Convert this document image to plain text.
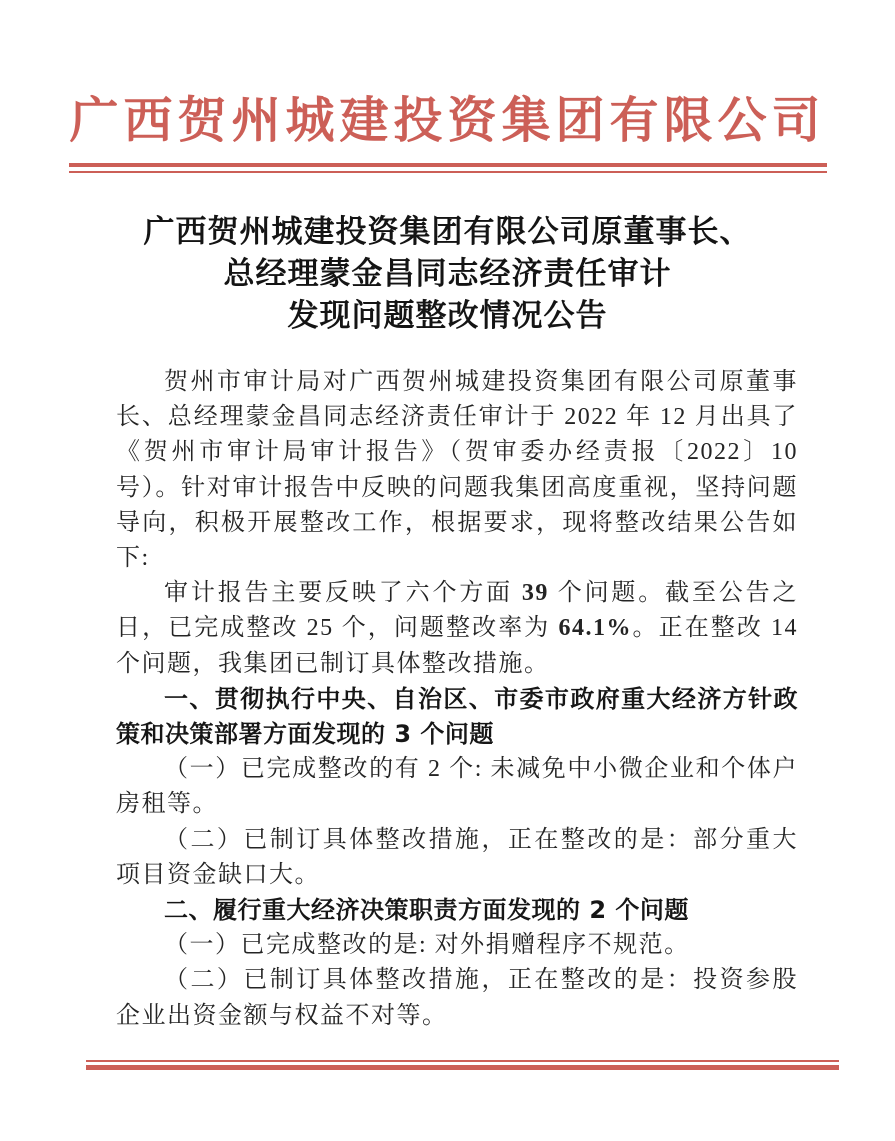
广西贺州城建投资集团有限公司
广西贺州城建投资集团有限公司原董事长、
总经理蒙金昌同志经济责任审计
发现问题整改情况公告

贺州市审计局对广西贺州城建投资集团有限公司原董事长、总经理蒙金昌同志经济责任审计于 2022 年 12 月出具了《贺州市审计局审计报告》（贺审委办经责报〔2022〕10 号）。针对审计报告中反映的问题我集团高度重视，坚持问题导向，积极开展整改工作，根据要求，现将整改结果公告如下:

审计报告主要反映了六个方面 39 个问题。截至公告之日，已完成整改 25 个，问题整改率为 64.1%。正在整改 14 个问题，我集团已制订具体整改措施。

一、贯彻执行中央、自治区、市委市政府重大经济方针政策和决策部署方面发现的 3 个问题

（一）已完成整改的有 2 个: 未减免中小微企业和个体户房租等。

（二）已制订具体整改措施，正在整改的是：部分重大项目资金缺口大。

二、履行重大经济决策职责方面发现的 2 个问题

（一）已完成整改的是: 对外捐赠程序不规范。

（二）已制订具体整改措施，正在整改的是：投资参股企业出资金额与权益不对等。
